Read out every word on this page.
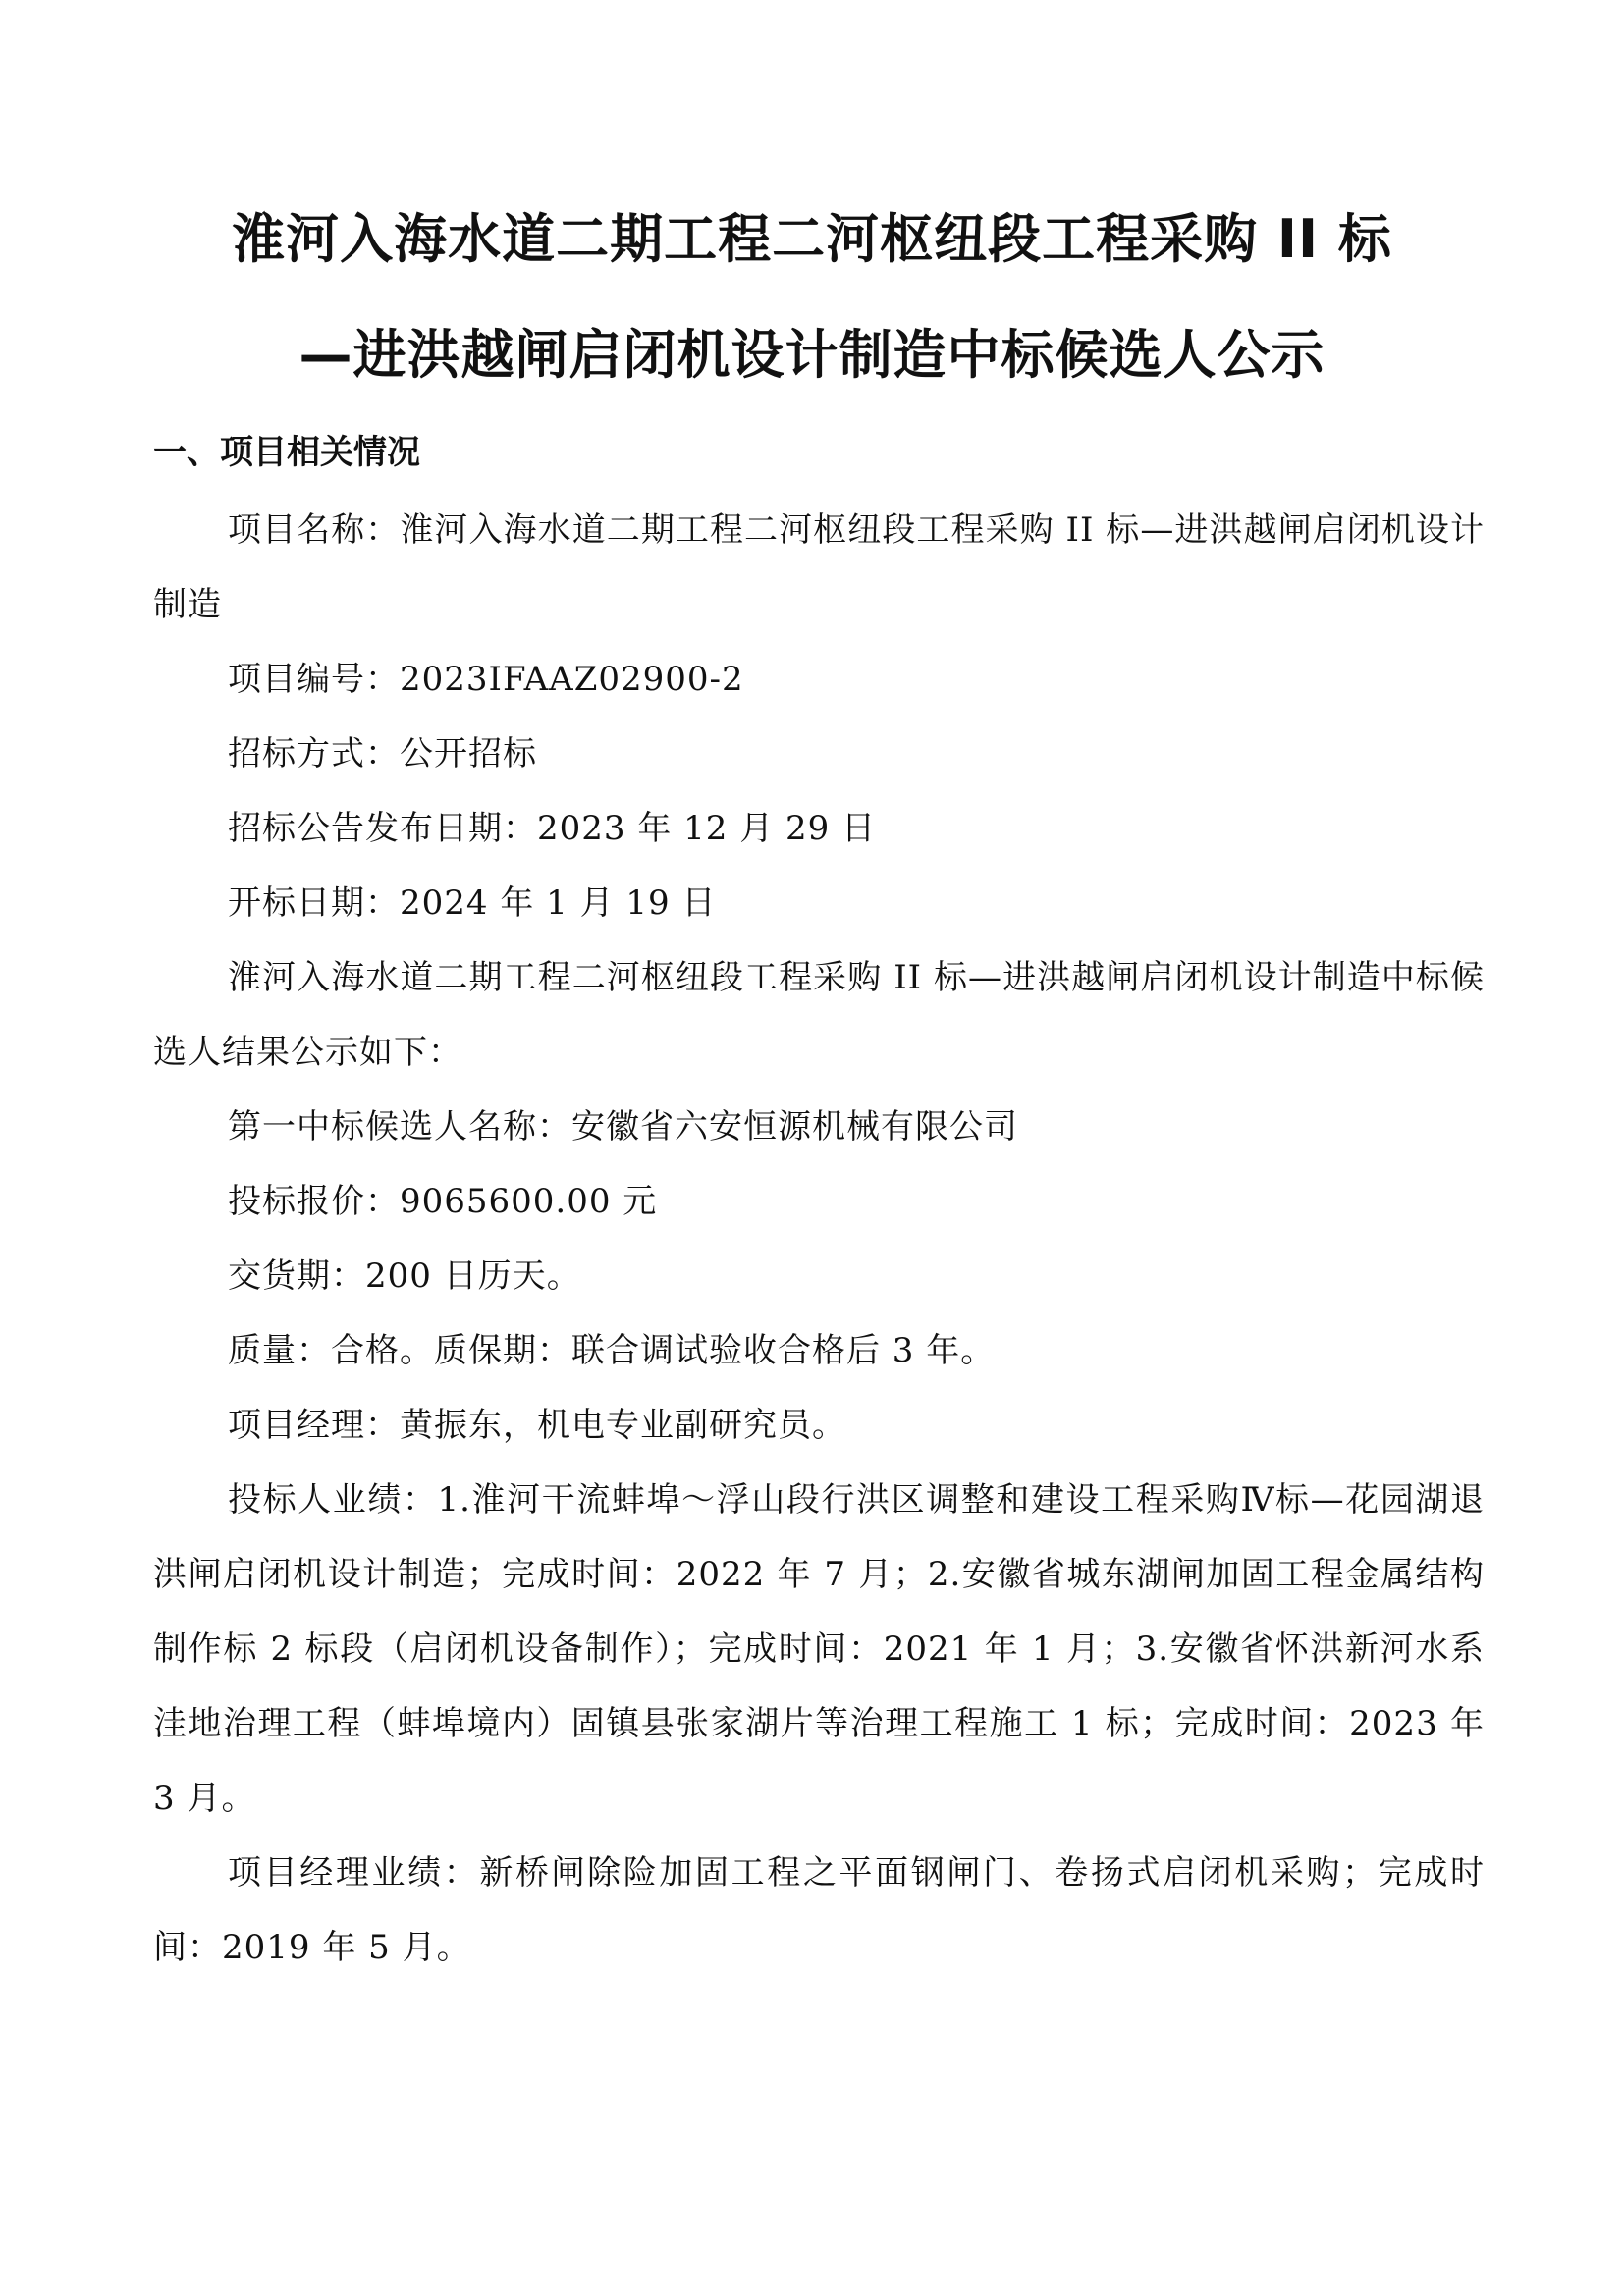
淮河入海水道二期工程二河枢纽段工程采购 II 标
—进洪越闸启闭机设计制造中标候选人公示
一、项目相关情况

项目名称：淮河入海水道二期工程二河枢纽段工程采购 II 标—进洪越闸启闭机设计制造

项目编号：2023IFAAZ02900-2

招标方式：公开招标

招标公告发布日期：2023 年 12 月 29 日

开标日期：2024 年 1 月 19 日

淮河入海水道二期工程二河枢纽段工程采购 II 标—进洪越闸启闭机设计制造中标候选人结果公示如下：

第一中标候选人名称：安徽省六安恒源机械有限公司

投标报价：9065600.00 元

交货期：200 日历天。

质量：合格。质保期：联合调试验收合格后 3 年。

项目经理：黄振东，机电专业副研究员。

投标人业绩：1.淮河干流蚌埠～浮山段行洪区调整和建设工程采购Ⅳ标—花园湖退洪闸启闭机设计制造；完成时间：2022 年 7 月；2.安徽省城东湖闸加固工程金属结构制作标 2 标段（启闭机设备制作）；完成时间：2021 年 1 月；3.安徽省怀洪新河水系洼地治理工程（蚌埠境内）固镇县张家湖片等治理工程施工 1 标；完成时间：2023 年 3 月。

项目经理业绩：新桥闸除险加固工程之平面钢闸门、卷扬式启闭机采购；完成时间：2019 年 5 月。
